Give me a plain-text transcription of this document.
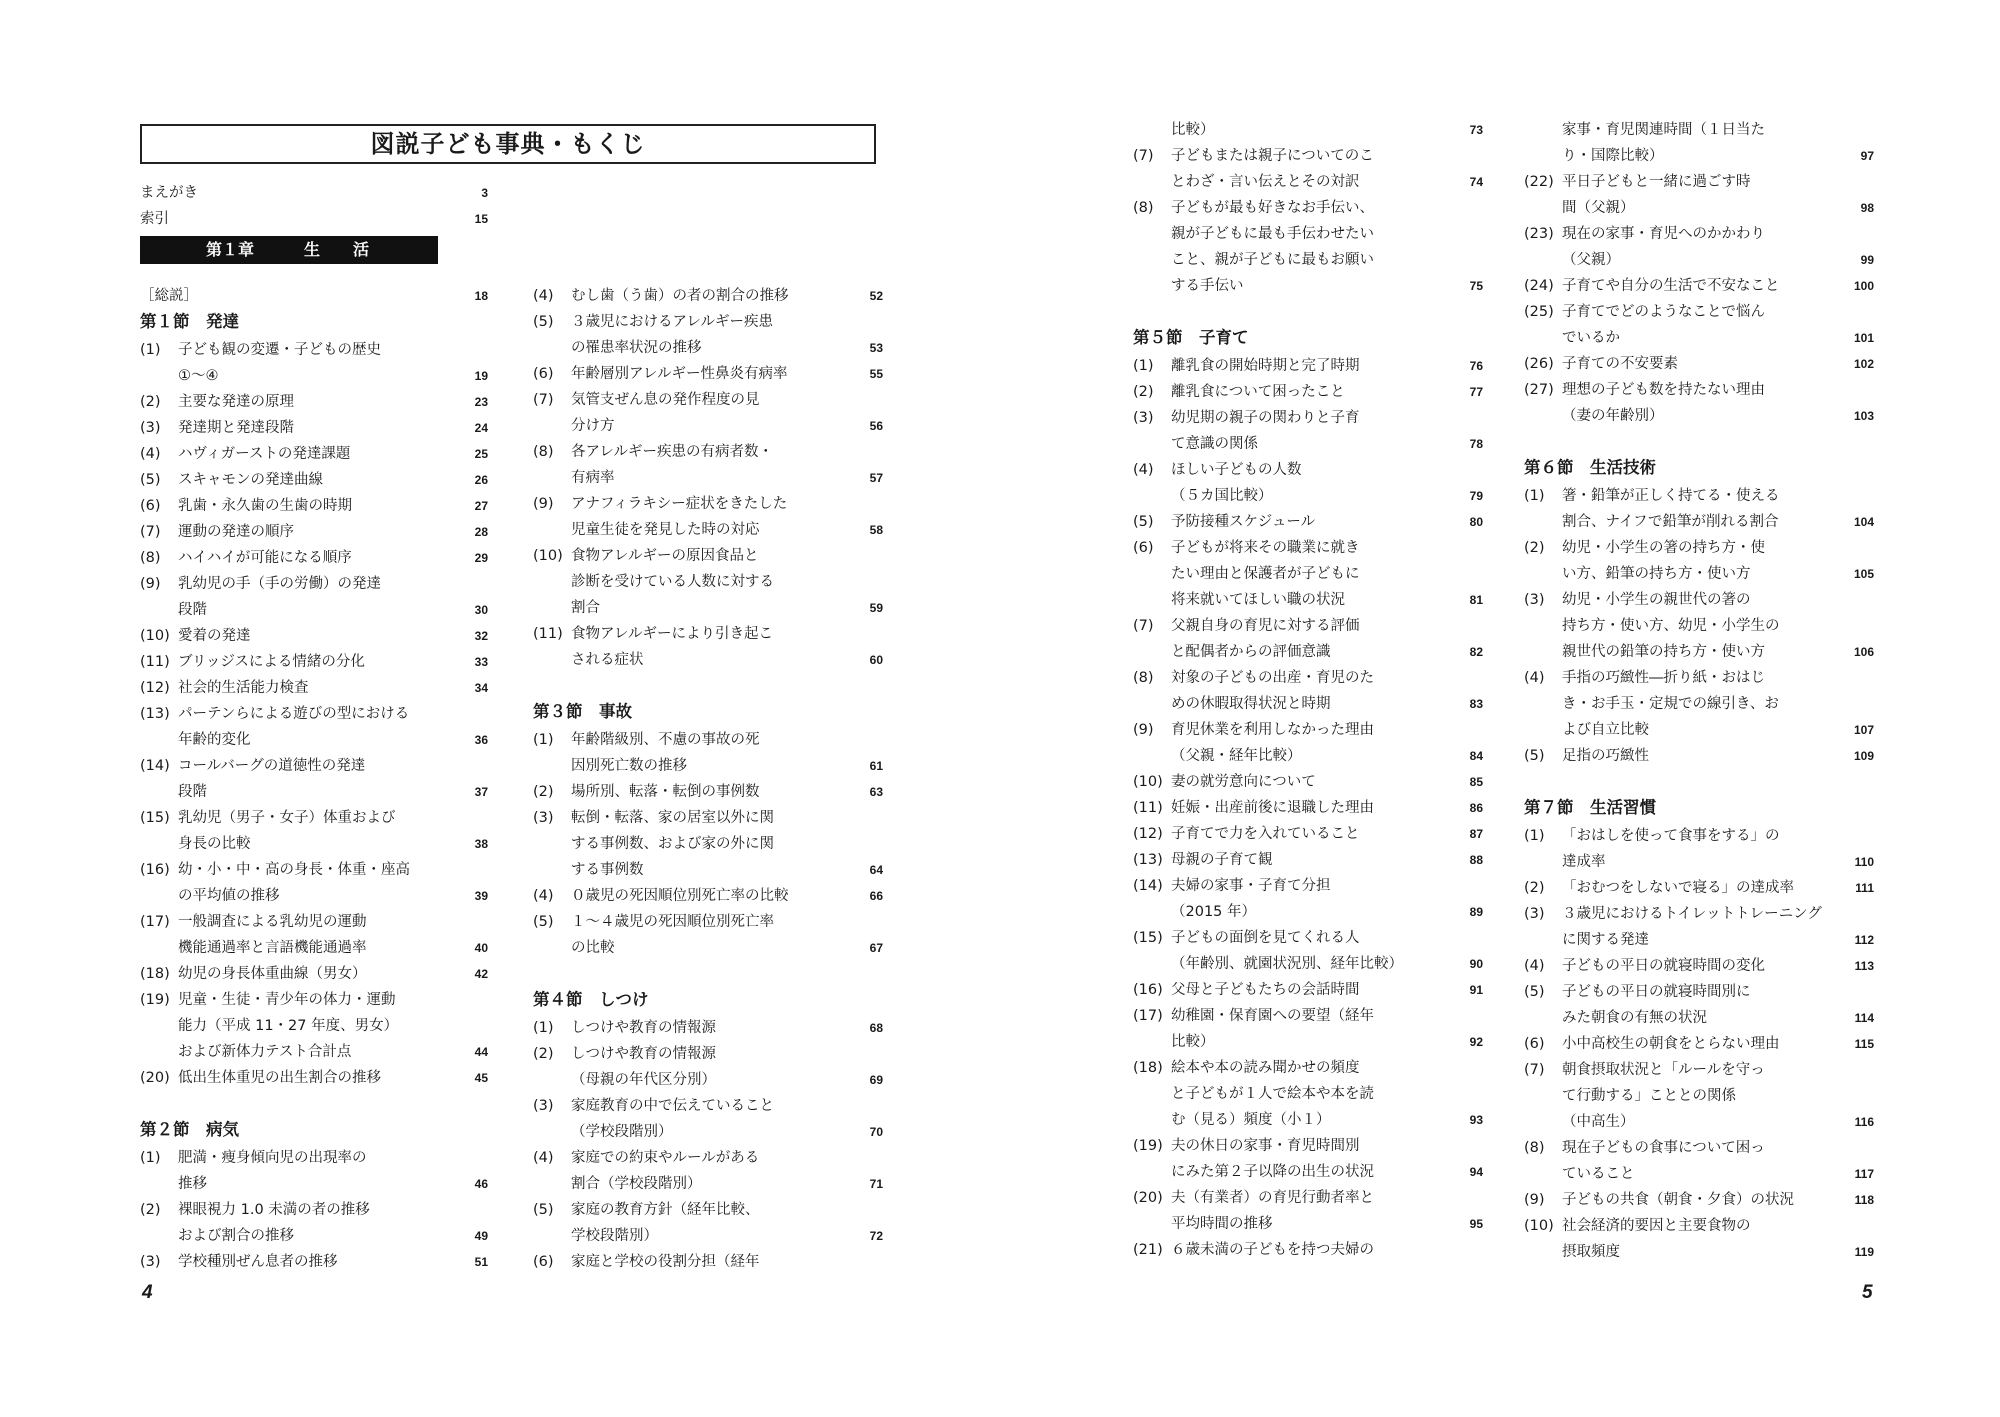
図説子ども事典・もくじ
まえがき	3
索引	15
第１章	生 活
［総説］	18
第１節　発達
(1)	子ども観の変遷・子どもの歴史
①〜④	19
(2)	主要な発達の原理	23
(3)	発達期と発達段階	24
(4)	ハヴィガーストの発達課題	25
(5)	スキャモンの発達曲線	26
(6)	乳歯・永久歯の生歯の時期	27
(7)	運動の発達の順序	28
(8)	ハイハイが可能になる順序	29
(9)	乳幼児の手（手の労働）の発達
段階	30
(10) 愛着の発達	32
(11) ブリッジスによる情緒の分化	33
(12) 社会的生活能力検査	34
(13) パーテンらによる遊びの型における
年齢的変化	36
(14) コールバーグの道徳性の発達
段階	37
(15) 乳幼児（男子・女子）体重および
身長の比較	38
(16) 幼・小・中・高の身長・体重・座高
の平均値の推移	39
(17) 一般調査による乳幼児の運動
機能通過率と言語機能通過率	40
(18) 幼児の身長体重曲線（男女）	42
(19) 児童・生徒・青少年の体力・運動
能力（平成 11・27 年度、男女）
および新体力テスト合計点	44
(20) 低出生体重児の出生割合の推移	45
第２節　病気
(1)	肥満・痩身傾向児の出現率の
推移	46
(2)	裸眼視力 1.0 未満の者の推移
および割合の推移	49
(3)	学校種別ぜん息者の推移	51
(4)	むし歯（う歯）の者の割合の推移	52
(5)	３歳児におけるアレルギー疾患
の罹患率状況の推移	53
(6)	年齢層別アレルギー性鼻炎有病率	55
(7)	気管支ぜん息の発作程度の見
分け方	56
(8)	各アレルギー疾患の有病者数・
有病率	57
(9)	アナフィラキシー症状をきたした
児童生徒を発見した時の対応	58
(10) 食物アレルギーの原因食品と
診断を受けている人数に対する
割合	59
(11) 食物アレルギーにより引き起こ
される症状	60
第３節　事故
(1)	年齢階級別、不慮の事故の死
因別死亡数の推移	61
(2)	場所別、転落・転倒の事例数	63
(3)	転倒・転落、家の居室以外に関
する事例数、および家の外に関
する事例数	64
(4)	０歳児の死因順位別死亡率の比較	66
(5)	１～４歳児の死因順位別死亡率
の比較	67
第４節　しつけ
(1)	しつけや教育の情報源	68
(2)	しつけや教育の情報源
（母親の年代区分別）	69
(3)	家庭教育の中で伝えていること
（学校段階別）	70
(4)	家庭での約束やルールがある
割合（学校段階別）	71
(5)	家庭の教育方針（経年比較、
学校段階別）	72
(6)	家庭と学校の役割分担（経年
4
比較）	73
(7)	子どもまたは親子についてのこ
とわざ・言い伝えとその対訳	74
(8)	子どもが最も好きなお手伝い、
親が子どもに最も手伝わせたい
こと、親が子どもに最もお願い
する手伝い	75
第５節　子育て
(1)	離乳食の開始時期と完了時期	76
(2)	離乳食について困ったこと	77
(3)	幼児期の親子の関わりと子育
て意識の関係	78
(4)	ほしい子どもの人数
（５カ国比較）	79
(5)	予防接種スケジュール	80
(6)	子どもが将来その職業に就き
たい理由と保護者が子どもに
将来就いてほしい職の状況	81
(7)	父親自身の育児に対する評価
と配偶者からの評価意識	82
(8)	対象の子どもの出産・育児のた
めの休暇取得状況と時期	83
(9)	育児休業を利用しなかった理由
（父親・経年比較）	84
(10) 妻の就労意向について	85
(11) 妊娠・出産前後に退職した理由	86
(12) 子育てで力を入れていること	87
(13) 母親の子育て観	88
(14) 夫婦の家事・子育て分担
（2015 年）	89
(15) 子どもの面倒を見てくれる人
（年齢別、就園状況別、経年比較）	90
(16) 父母と子どもたちの会話時間	91
(17) 幼稚園・保育園への要望（経年
比較）	92
(18) 絵本や本の読み聞かせの頻度
と子どもが１人で絵本や本を読
む（見る）頻度（小１）	93
(19) 夫の休日の家事・育児時間別
にみた第２子以降の出生の状況	94
(20) 夫（有業者）の育児行動者率と
平均時間の推移	95
(21) ６歳未満の子どもを持つ夫婦の
家事・育児関連時間（１日当た
り・国際比較）	97
(22) 平日子どもと一緒に過ごす時
間（父親）	98
(23) 現在の家事・育児へのかかわり
（父親）	99
(24) 子育てや自分の生活で不安なこと	100
(25) 子育てでどのようなことで悩ん
でいるか	101
(26) 子育ての不安要素	102
(27) 理想の子ども数を持たない理由
（妻の年齢別）	103
第６節　生活技術
(1)	箸・鉛筆が正しく持てる・使える
割合、ナイフで鉛筆が削れる割合	104
(2)	幼児・小学生の箸の持ち方・使
い方、鉛筆の持ち方・使い方	105
(3)	幼児・小学生の親世代の箸の
持ち方・使い方、幼児・小学生の
親世代の鉛筆の持ち方・使い方	106
(4)	手指の巧緻性―折り紙・おはじ
き・お手玉・定規での線引き、お
よび自立比較	107
(5)	足指の巧緻性	109
第７節　生活習慣
(1)	「おはしを使って食事をする」の
達成率	110
(2)	「おむつをしないで寝る」の達成率	111
(3)	３歳児におけるトイレットトレーニング
に関する発達	112
(4)	子どもの平日の就寝時間の変化	113
(5)	子どもの平日の就寝時間別に
みた朝食の有無の状況	114
(6)	小中高校生の朝食をとらない理由	115
(7)	朝食摂取状況と「ルールを守っ
て行動する」こととの関係
（中高生）	116
(8)	現在子どもの食事について困っ
ていること	117
(9)	子どもの共食（朝食・夕食）の状況	118
(10) 社会経済的要因と主要食物の
摂取頻度	119
5
